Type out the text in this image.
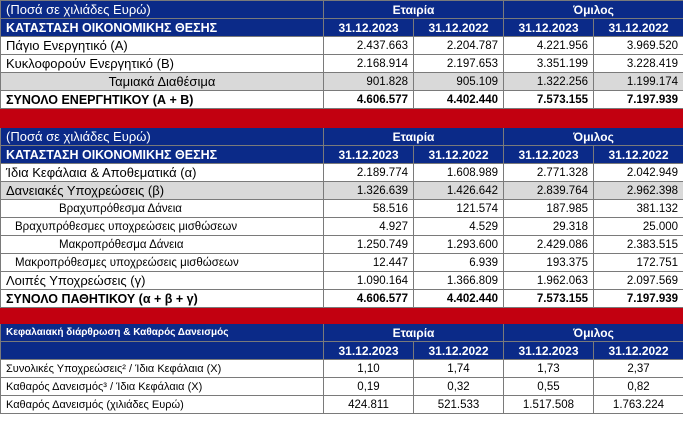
(Ποσά σε χιλιάδες Ευρώ)	Εταιρία		Όμιλος	
ΚΑΤΑΣΤΑΣΗ ΟΙΚΟΝΟΜΙΚΗΣ ΘΕΣΗΣ	31.12.2023	31.12.2022	31.12.2023	31.12.2022
Πάγιο Ενεργητικό (Α)	2.437.663	2.204.787	4.221.956	3.969.520
Κυκλοφορούν Ενεργητικό (Β)	2.168.914	2.197.653	3.351.199	3.228.419
Ταμιακά Διαθέσιμα	901.828	905.109	1.322.256	1.199.174
ΣΥΝΟΛΟ ΕΝΕΡΓΗΤΙΚΟΥ (Α + Β)	4.606.577	4.402.440	7.573.155	7.197.939

(Ποσά σε χιλιάδες Ευρώ)	Εταιρία		Όμιλος	
ΚΑΤΑΣΤΑΣΗ ΟΙΚΟΝΟΜΙΚΗΣ ΘΕΣΗΣ	31.12.2023	31.12.2022	31.12.2023	31.12.2022
Ίδια Κεφάλαια & Αποθεματικά (α)	2.189.774	1.608.989	2.771.328	2.042.949
Δανειακές Υποχρεώσεις (β)	1.326.639	1.426.642	2.839.764	2.962.398
Βραχυπρόθεσμα Δάνεια	58.516	121.574	187.985	381.132
Βραχυπρόθεσμες υποχρεώσεις μισθώσεων	4.927	4.529	29.318	25.000
Μακροπρόθεσμα Δάνεια	1.250.749	1.293.600	2.429.086	2.383.515
Μακροπρόθεσμες υποχρεώσεις μισθώσεων	12.447	6.939	193.375	172.751
Λοιπές Υποχρεώσεις (γ)	1.090.164	1.366.809	1.962.063	2.097.569
ΣΥΝΟΛΟ ΠΑΘΗΤΙΚΟΥ (α + β + γ)	4.606.577	4.402.440	7.573.155	7.197.939

Κεφαλαιακή διάρθρωση & Καθαρός Δανεισμός	Εταιρία		Όμιλος	
	31.12.2023	31.12.2022	31.12.2023	31.12.2022
Συνολικές Υποχρεώσεις² / Ίδια Κεφάλαια (Χ)	1,10	1,74	1,73	2,37
Καθαρός Δανεισμός³ / Ίδια Κεφάλαια (Χ)	0,19	0,32	0,55	0,82
Καθαρός Δανεισμός (χιλιάδες Ευρώ)	424.811	521.533	1.517.508	1.763.224
